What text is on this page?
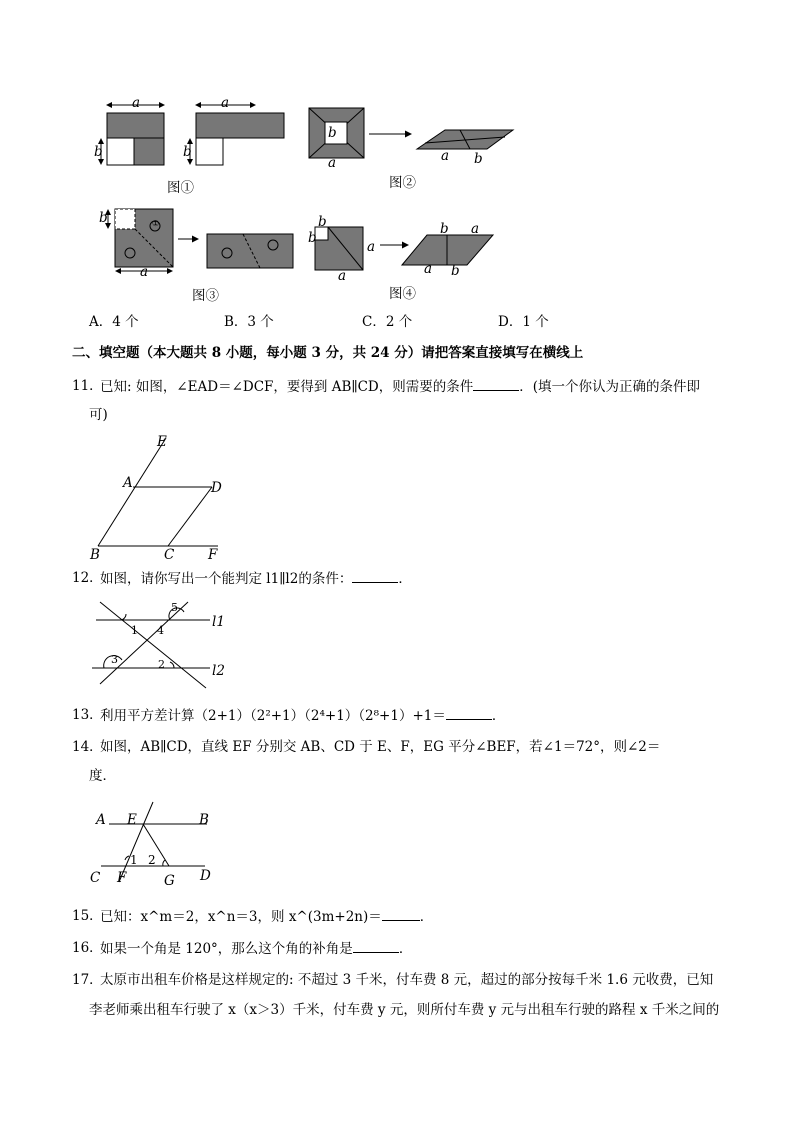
a
b
a
b
图①
b
a	a b
图②
①
b
a
图③
b
b
a
a
b a
a b
图④
A．4 个	B．3 个	C．2 个	D．1 个
二、填空题（本大题共 8 小题，每小题 3 分，共 24 分）请把答案直接填写在横线上
11．
已知: 如图，∠EAD＝∠DCF，要得到 AB∥CD，则需要的条件	．(填一个你认为正确的条件即
可)
E
A	D
B	C F
12．
如图，请你写出一个能判定 l1∥l2的条件：	．
5
1 4
3	2
l1
l2
13．
利用平方差计算（2+1）（2²+1）（2⁴+1）（2⁸+1）+1＝	．
14．
如图，AB∥CD，直线 EF 分别交 AB、CD 于 E、F，EG 平分∠BEF，若∠1＝72°，则∠2＝
度．
A E	B
1 2
C F	G D
15．
已知：x^m＝2，x^n＝3，则 x^(3m+2n)＝	．
16．
如果一个角是 120°，那么这个角的补角是	．
17．
太原市出租车价格是这样规定的: 不超过 3 千米，付车费 8 元，超过的部分按每千米 1.6 元收费，已知
李老师乘出租车行驶了 x（x＞3）千米，付车费 y 元，则所付车费 y 元与出租车行驶的路程 x 千米之间的
